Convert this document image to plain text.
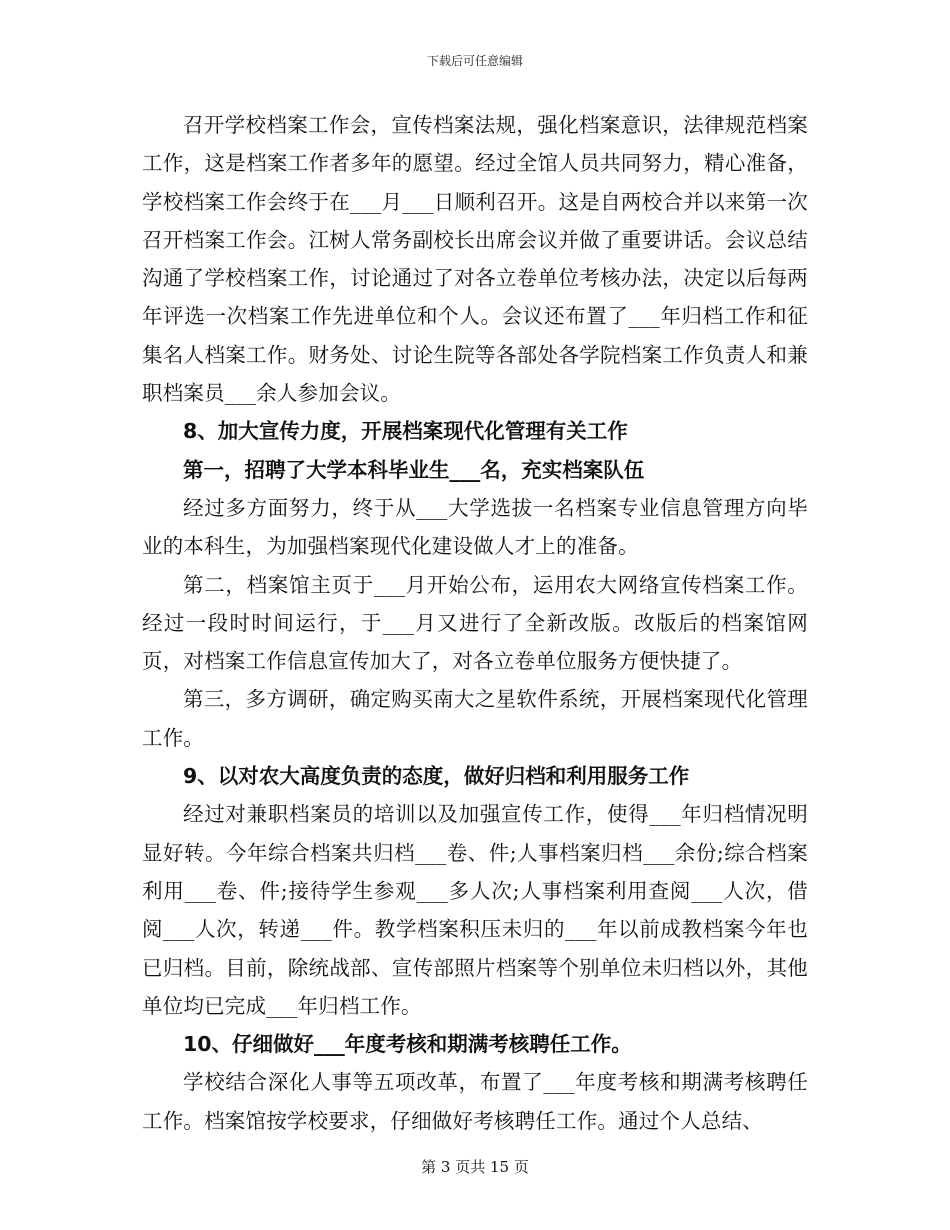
下载后可任意编辑

召开学校档案工作会，宣传档案法规，强化档案意识，法律规范档案工作，这是档案工作者多年的愿望。经过全馆人员共同努力，精心准备，学校档案工作会终于在___月___日顺利召开。这是自两校合并以来第一次召开档案工作会。江树人常务副校长出席会议并做了重要讲话。会议总结沟通了学校档案工作，讨论通过了对各立卷单位考核办法，决定以后每两年评选一次档案工作先进单位和个人。会议还布置了___年归档工作和征集名人档案工作。财务处、讨论生院等各部处各学院档案工作负责人和兼职档案员___余人参加会议。

8、加大宣传力度，开展档案现代化管理有关工作

第一，招聘了大学本科毕业生___名，充实档案队伍

经过多方面努力，终于从___大学选拔一名档案专业信息管理方向毕业的本科生，为加强档案现代化建设做人才上的准备。

第二，档案馆主页于___月开始公布，运用农大网络宣传档案工作。经过一段时时间运行，于___月又进行了全新改版。改版后的档案馆网页，对档案工作信息宣传加大了，对各立卷单位服务方便快捷了。

第三，多方调研，确定购买南大之星软件系统，开展档案现代化管理工作。

9、以对农大高度负责的态度，做好归档和利用服务工作

经过对兼职档案员的培训以及加强宣传工作，使得___年归档情况明显好转。今年综合档案共归档___卷、件;人事档案归档___余份;综合档案利用___卷、件;接待学生参观___多人次;人事档案利用查阅___人次，借阅___人次，转递___件。教学档案积压未归的___年以前成教档案今年也已归档。目前，除统战部、宣传部照片档案等个别单位未归档以外，其他单位均已完成___年归档工作。

10、仔细做好___年度考核和期满考核聘任工作。

学校结合深化人事等五项改革，布置了___年度考核和期满考核聘任工作。档案馆按学校要求，仔细做好考核聘任工作。通过个人总结、

第 3 页共 15 页
